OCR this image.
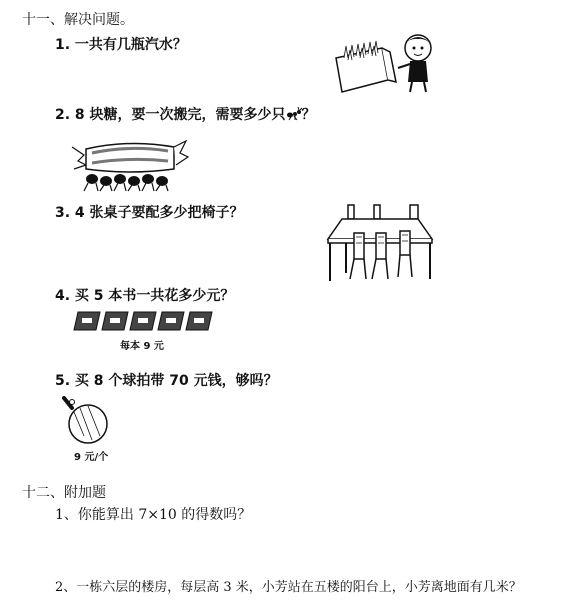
十一、解决问题。
1. 一共有几瓶汽水？
2. 8 块糖，要一次搬完，需要多少只 ？
3. 4 张桌子要配多少把椅子？
4. 买 5 本书一共花多少元？
每本 9 元
5. 买 8 个球拍带 70 元钱，够吗？
9 元/个
十二、附加题
1、你能算出 7×10 的得数吗？
2、一栋六层的楼房，每层高 3 米，小芳站在五楼的阳台上，小芳离地面有几米？
